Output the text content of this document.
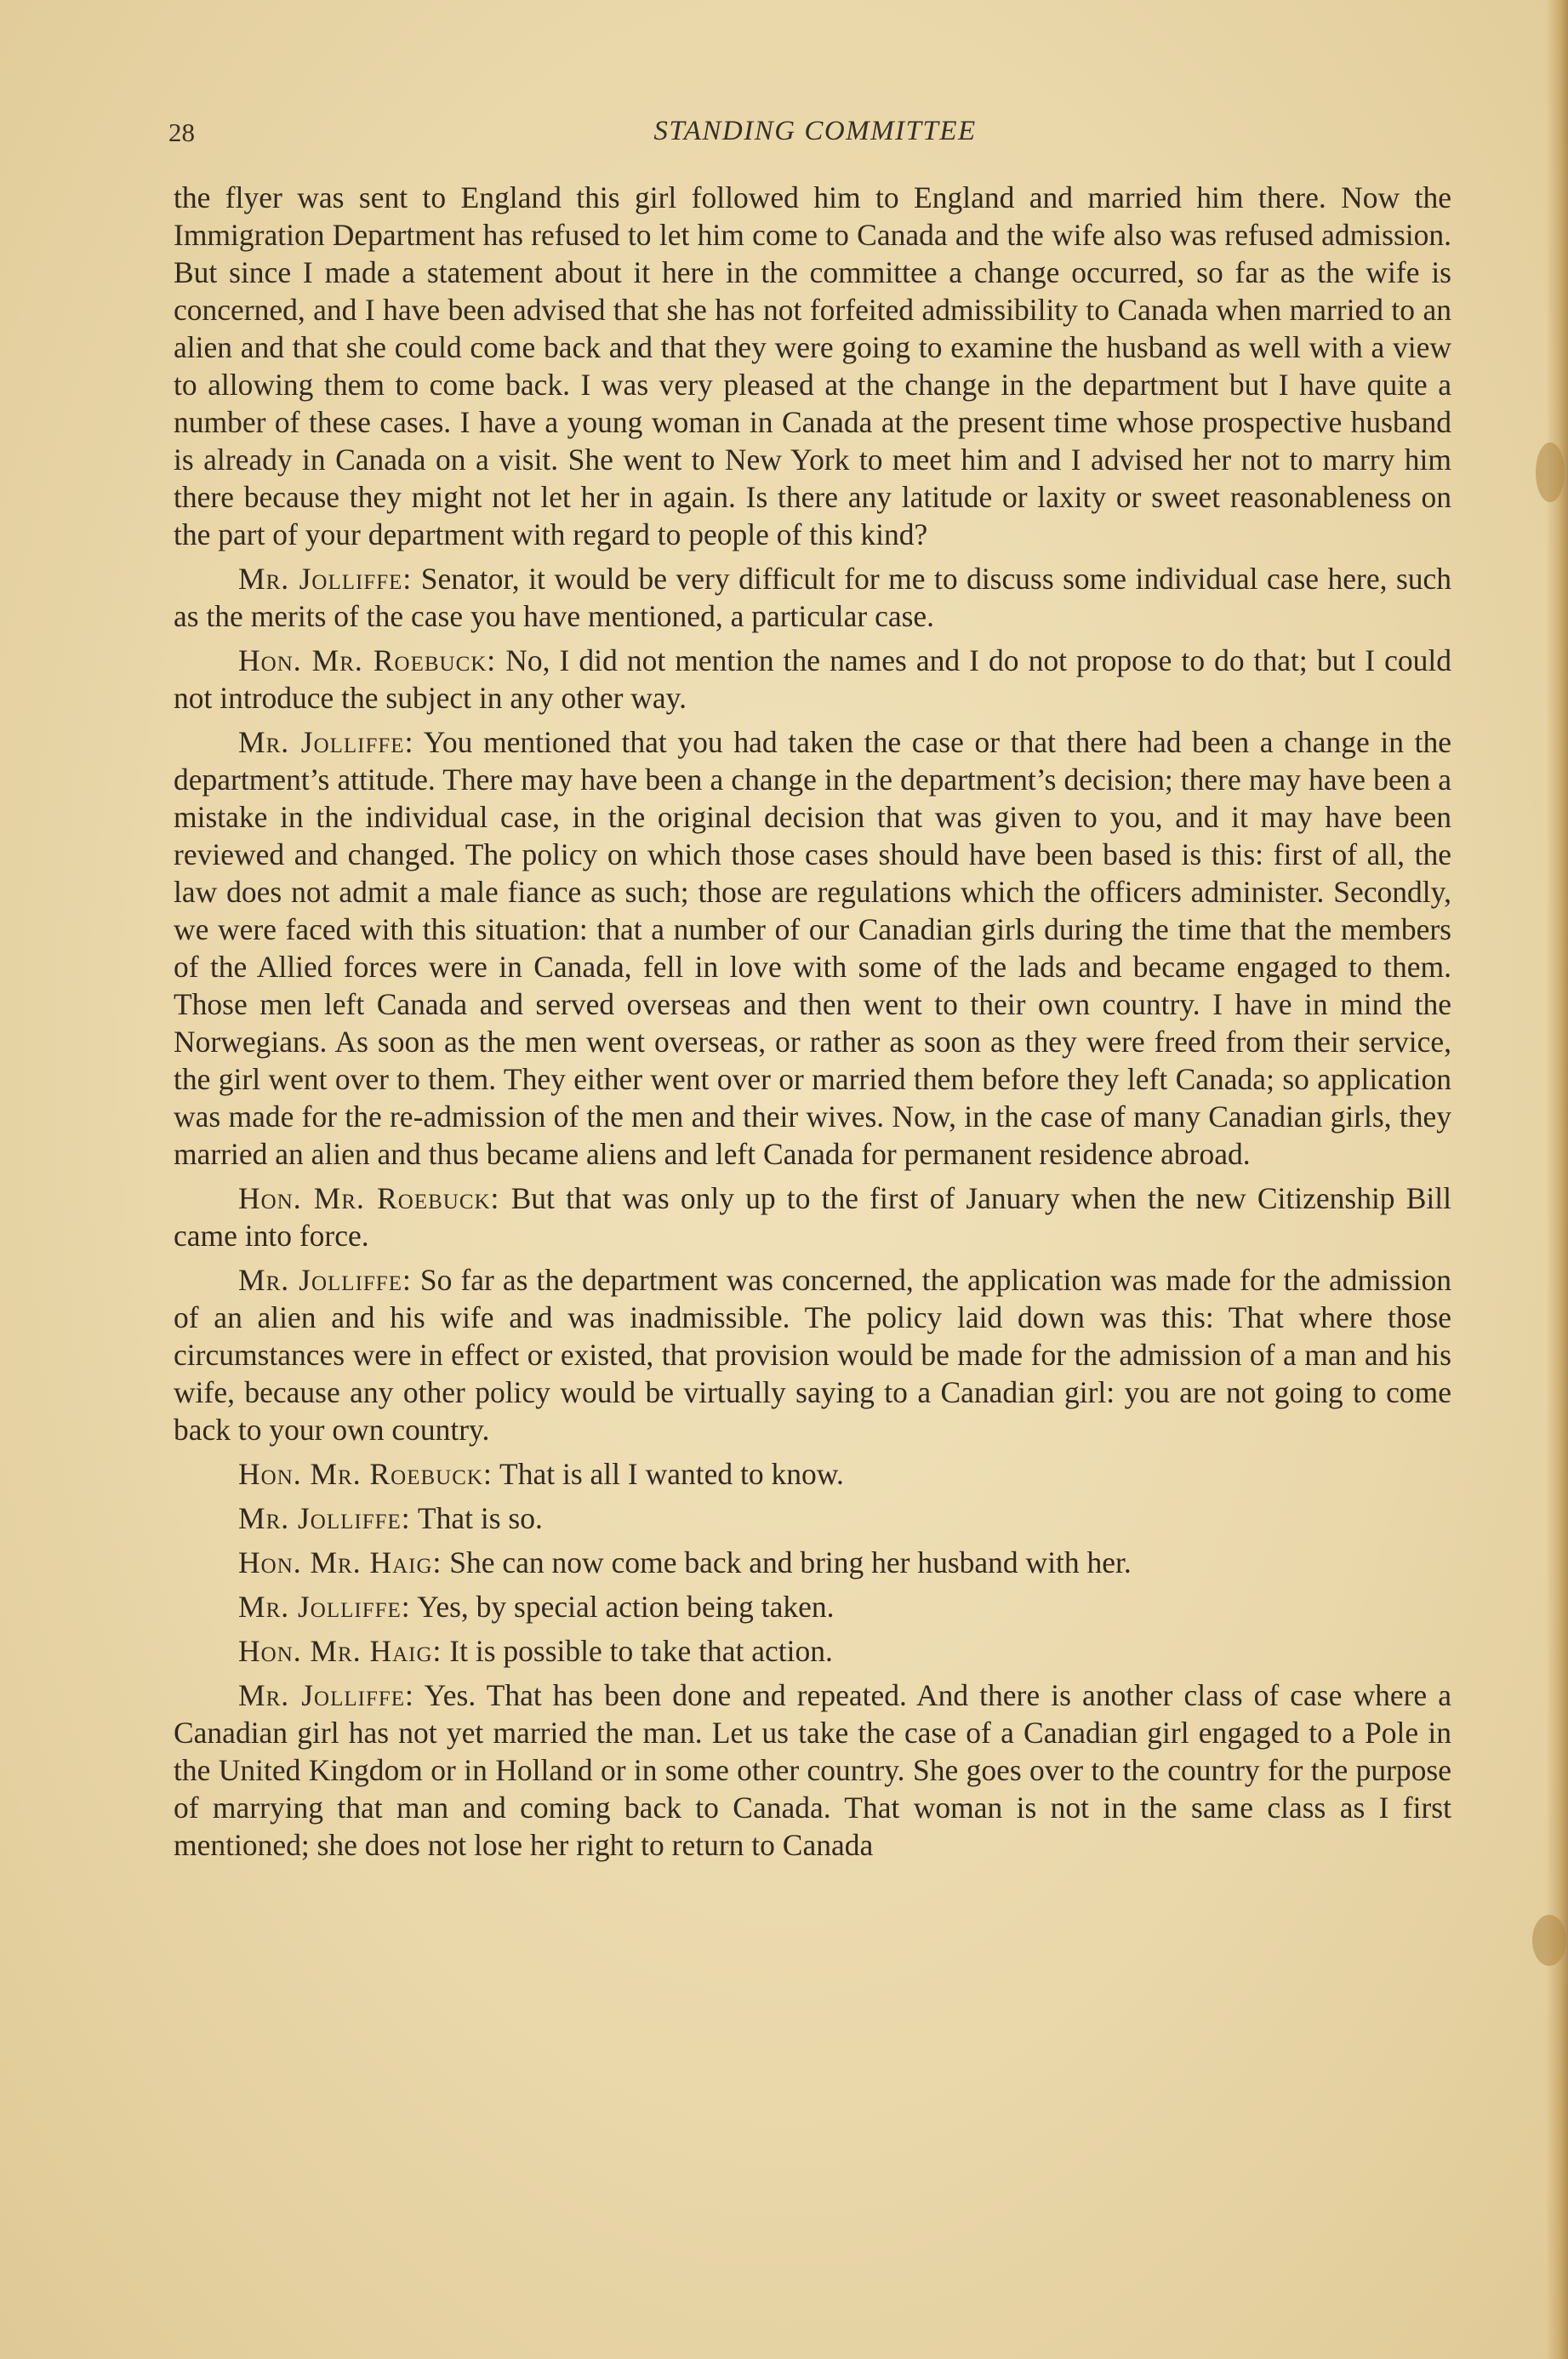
28	STANDING COMMITTEE

the flyer was sent to England this girl followed him to England and married him there. Now the Immigration Department has refused to let him come to Canada and the wife also was refused admission. But since I made a statement about it here in the committee a change occurred, so far as the wife is concerned, and I have been advised that she has not forfeited admissibility to Canada when married to an alien and that she could come back and that they were going to examine the husband as well with a view to allowing them to come back. I was very pleased at the change in the department but I have quite a number of these cases. I have a young woman in Canada at the present time whose prospective husband is already in Canada on a visit. She went to New York to meet him and I advised her not to marry him there because they might not let her in again. Is there any latitude or laxity or sweet reasonableness on the part of your department with regard to people of this kind?

Mr. Jolliffe: Senator, it would be very difficult for me to discuss some individual case here, such as the merits of the case you have mentioned, a particular case.

Hon. Mr. Roebuck: No, I did not mention the names and I do not propose to do that; but I could not introduce the subject in any other way.

Mr. Jolliffe: You mentioned that you had taken the case or that there had been a change in the department’s attitude. There may have been a change in the department’s decision; there may have been a mistake in the individual case, in the original decision that was given to you, and it may have been reviewed and changed. The policy on which those cases should have been based is this: first of all, the law does not admit a male fiance as such; those are regulations which the officers administer. Secondly, we were faced with this situation: that a number of our Canadian girls during the time that the members of the Allied forces were in Canada, fell in love with some of the lads and became engaged to them. Those men left Canada and served overseas and then went to their own country. I have in mind the Norwegians. As soon as the men went overseas, or rather as soon as they were freed from their service, the girl went over to them. They either went over or married them before they left Canada; so application was made for the re-admission of the men and their wives. Now, in the case of many Canadian girls, they married an alien and thus became aliens and left Canada for permanent residence abroad.

Hon. Mr. Roebuck: But that was only up to the first of January when the new Citizenship Bill came into force.

Mr. Jolliffe: So far as the department was concerned, the application was made for the admission of an alien and his wife and was inadmissible. The policy laid down was this: That where those circumstances were in effect or existed, that provision would be made for the admission of a man and his wife, because any other policy would be virtually saying to a Canadian girl: you are not going to come back to your own country.

Hon. Mr. Roebuck: That is all I wanted to know.

Mr. Jolliffe: That is so.

Hon. Mr. Haig: She can now come back and bring her husband with her.

Mr. Jolliffe: Yes, by special action being taken.

Hon. Mr. Haig: It is possible to take that action.

Mr. Jolliffe: Yes. That has been done and repeated. And there is another class of case where a Canadian girl has not yet married the man. Let us take the case of a Canadian girl engaged to a Pole in the United Kingdom or in Holland or in some other country. She goes over to the country for the purpose of marrying that man and coming back to Canada. That woman is not in the same class as I first mentioned; she does not lose her right to return to Canada
